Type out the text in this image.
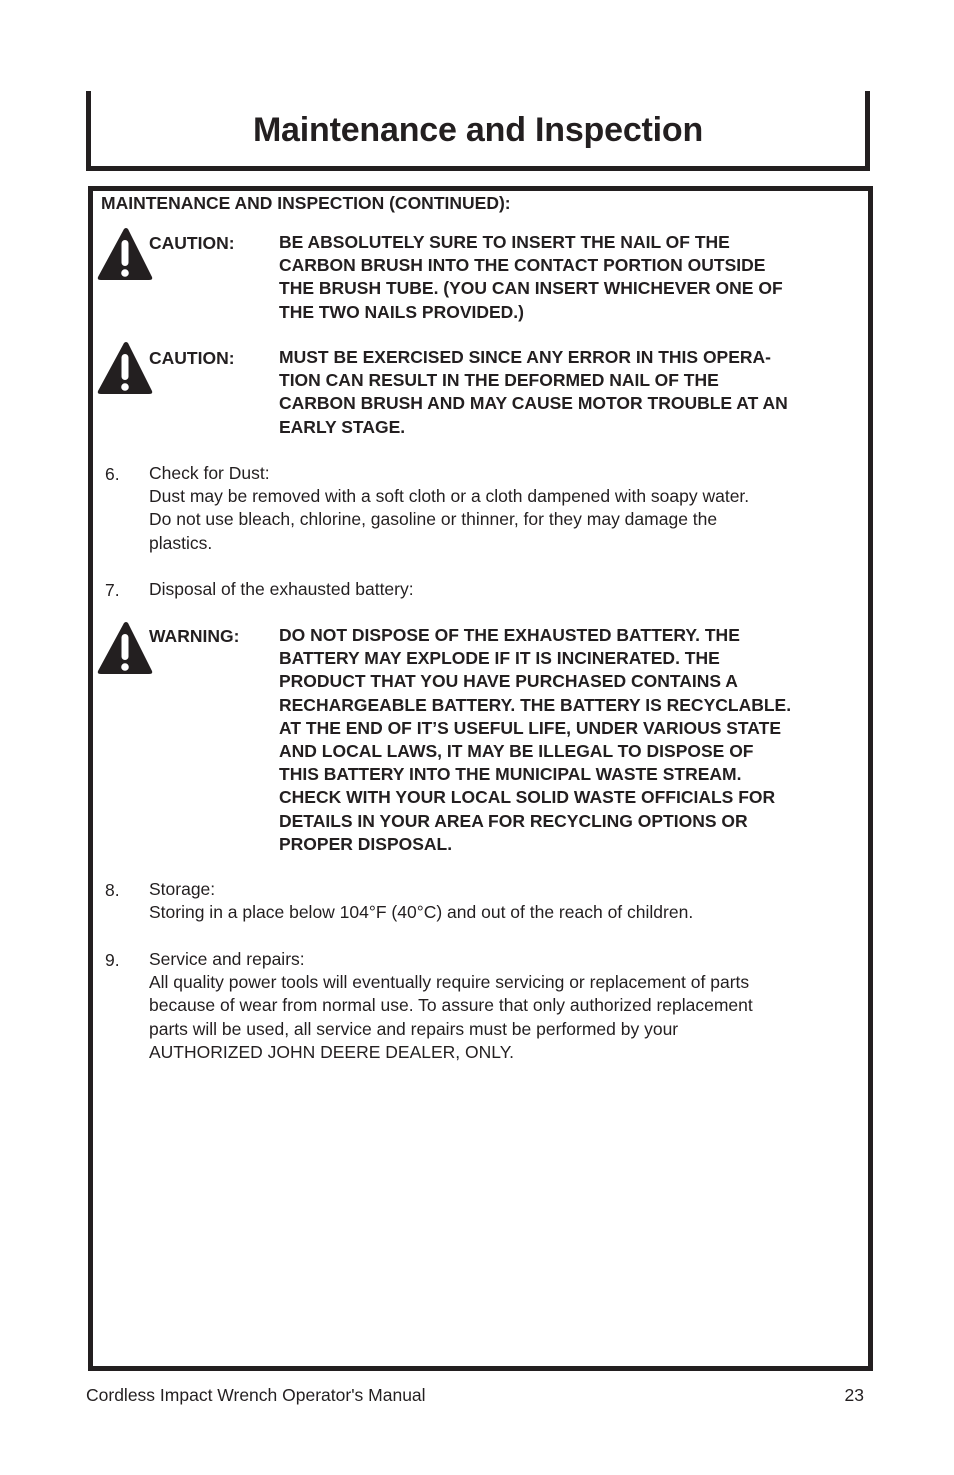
Maintenance and Inspection
MAINTENANCE AND INSPECTION (CONTINUED):
CAUTION:	BE ABSOLUTELY SURE TO INSERT THE NAIL OF THE
CARBON BRUSH INTO THE CONTACT PORTION OUTSIDE
THE BRUSH TUBE. (YOU CAN INSERT WHICHEVER ONE OF
THE TWO NAILS PROVIDED.)
CAUTION:	MUST BE EXERCISED SINCE ANY ERROR IN THIS OPERA-
TION CAN RESULT IN THE DEFORMED NAIL OF THE
CARBON BRUSH AND MAY CAUSE MOTOR TROUBLE AT AN
EARLY STAGE.
6. Check for Dust:
Dust may be removed with a soft cloth or a cloth dampened with soapy water.
Do not use bleach, chlorine, gasoline or thinner, for they may damage the
plastics.
7. Disposal of the exhausted battery:
WARNING: DO NOT DISPOSE OF THE EXHAUSTED BATTERY. THE
BATTERY MAY EXPLODE IF IT IS INCINERATED. THE
PRODUCT THAT YOU HAVE PURCHASED CONTAINS A
RECHARGEABLE BATTERY. THE BATTERY IS RECYCLABLE.
AT THE END OF IT’S USEFUL LIFE, UNDER VARIOUS STATE
AND LOCAL LAWS, IT MAY BE ILLEGAL TO DISPOSE OF
THIS BATTERY INTO THE MUNICIPAL WASTE STREAM.
CHECK WITH YOUR LOCAL SOLID WASTE OFFICIALS FOR
DETAILS IN YOUR AREA FOR RECYCLING OPTIONS OR
PROPER DISPOSAL.
8. Storage:
Storing in a place below 104°F (40°C) and out of the reach of children.
9. Service and repairs:
All quality power tools will eventually require servicing or replacement of parts
because of wear from normal use. To assure that only authorized replacement
parts will be used, all service and repairs must be performed by your
AUTHORIZED JOHN DEERE DEALER, ONLY.
Cordless Impact Wrench Operator's Manual	23
